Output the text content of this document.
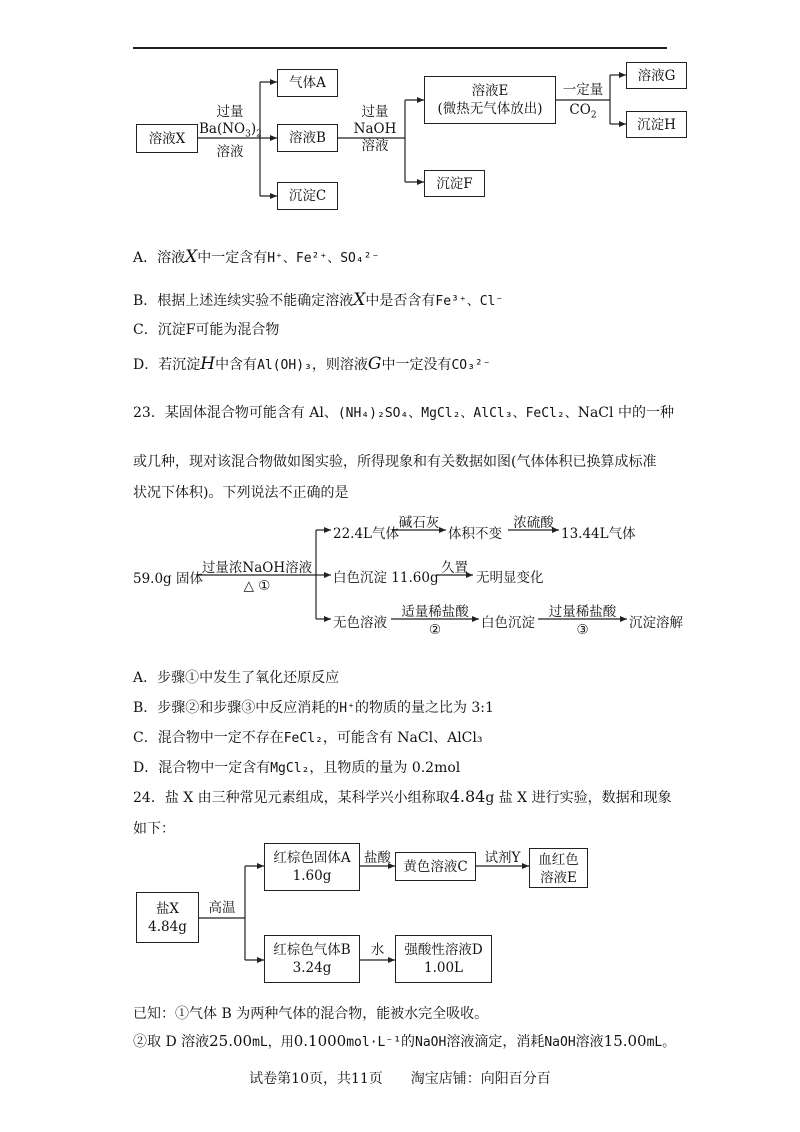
溶液X
过量
$Ba(NO_3)_2$
溶液
气体A
溶液B
沉淀C
过量
NaOH
溶液
溶液E
(微热无气体放出)
沉淀F
一定量
$CO_2$
溶液G
沉淀H
A．溶液X中一定含有H⁺、Fe²⁺、SO₄²⁻
B．根据上述连续实验不能确定溶液X中是否含有Fe³⁺、Cl⁻
C．沉淀F可能为混合物
D．若沉淀H中含有Al(OH)₃，则溶液G中一定没有CO₃²⁻
23．某固体混合物可能含有 Al、(NH₄)₂SO₄、MgCl₂、AlCl₃、FeCl₂、NaCl 中的一种
或几种，现对该混合物做如图实验，所得现象和有关数据如图(气体体积已换算成标准
状况下体积)。下列说法不正确的是
59.0g 固体
过量浓NaOH溶液
△ ①
22.4L气体
碱石灰
体积不变
浓硫酸
13.44L气体
白色沉淀 11.60g
久置
无明显变化
无色溶液
适量稀盐酸
②	白色沉淀
过量稀盐酸
③	沉淀溶解
A．步骤①中发生了氧化还原反应
B．步骤②和步骤③中反应消耗的H⁺的物质的量之比为 3:1
C．混合物中一定不存在FeCl₂，可能含有 NaCl、AlCl₃
D．混合物中一定含有MgCl₂，且物质的量为 0.2mol
24．盐 X 由三种常见元素组成，某科学兴小组称取4.84g 盐 X 进行实验，数据和现象
如下：
盐X
4.84g
高温
红棕色固体A
1.60g
盐酸
黄色溶液C
试剂Y	血红色
溶液E
红棕色气体B
3.24g
水	强酸性溶液D
1.00L
已知：①气体 B 为两种气体的混合物，能被水完全吸收。
②取 D 溶液25.00mL，用0.1000mol·L⁻¹的NaOH溶液滴定，消耗NaOH溶液15.00mL。
试卷第10页，共11页　　淘宝店铺：向阳百分百
